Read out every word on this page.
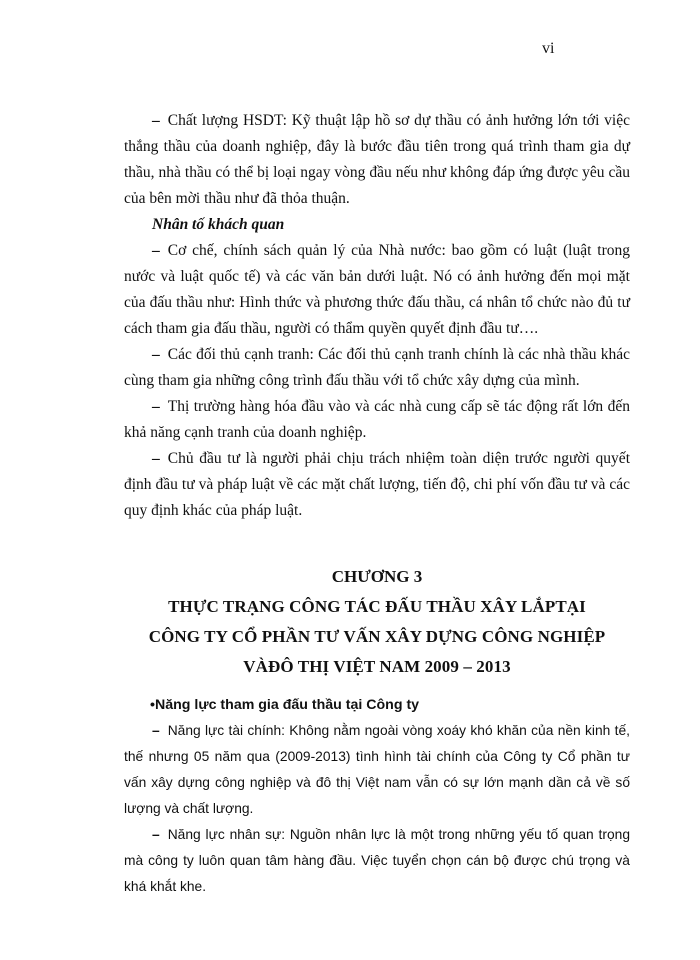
vi

– Chất lượng HSDT: Kỹ thuật lập hồ sơ dự thầu có ảnh hưởng lớn tới việc thắng thầu của doanh nghiệp, đây là bước đầu tiên trong quá trình tham gia dự thầu, nhà thầu có thể bị loại ngay vòng đầu nếu như không đáp ứng được yêu cầu của bên mời thầu như đã thỏa thuận.

Nhân tố khách quan

– Cơ chế, chính sách quản lý của Nhà nước: bao gồm có luật (luật trong nước và luật quốc tế) và các văn bản dưới luật. Nó có ảnh hưởng đến mọi mặt của đấu thầu như: Hình thức và phương thức đấu thầu, cá nhân tổ chức nào đủ tư cách tham gia đấu thầu, người có thẩm quyền quyết định đầu tư….

– Các đối thủ cạnh tranh: Các đối thủ cạnh tranh chính là các nhà thầu khác cùng tham gia những công trình đấu thầu với tổ chức xây dựng của mình.

– Thị trường hàng hóa đầu vào và các nhà cung cấp sẽ tác động rất lớn đến khả năng cạnh tranh của doanh nghiệp.

– Chủ đầu tư là người phải chịu trách nhiệm toàn diện trước người quyết định đầu tư và pháp luật về các mặt chất lượng, tiến độ, chi phí vốn đầu tư và các quy định khác của pháp luật.

CHƯƠNG 3

THỰC TRẠNG CÔNG TÁC ĐẤU THẦU XÂY LẮPTẠI

CÔNG TY CỔ PHẦN TƯ VẤN XÂY DỰNG CÔNG NGHIỆP

VÀĐÔ THỊ VIỆT NAM 2009 – 2013

•Năng lực tham gia đấu thầu tại Công ty

– Năng lực tài chính: Không nằm ngoài vòng xoáy khó khăn của nền kinh tế, thế nhưng 05 năm qua (2009-2013) tình hình tài chính của Công ty Cổ phần tư vấn xây dựng công nghiệp và đô thị Việt nam vẫn có sự lớn mạnh dần cả về số lượng và chất lượng.

– Năng lực nhân sự: Nguồn nhân lực là một trong những yếu tố quan trọng mà công ty luôn quan tâm hàng đầu. Việc tuyển chọn cán bộ được chú trọng và khá khắt khe.
